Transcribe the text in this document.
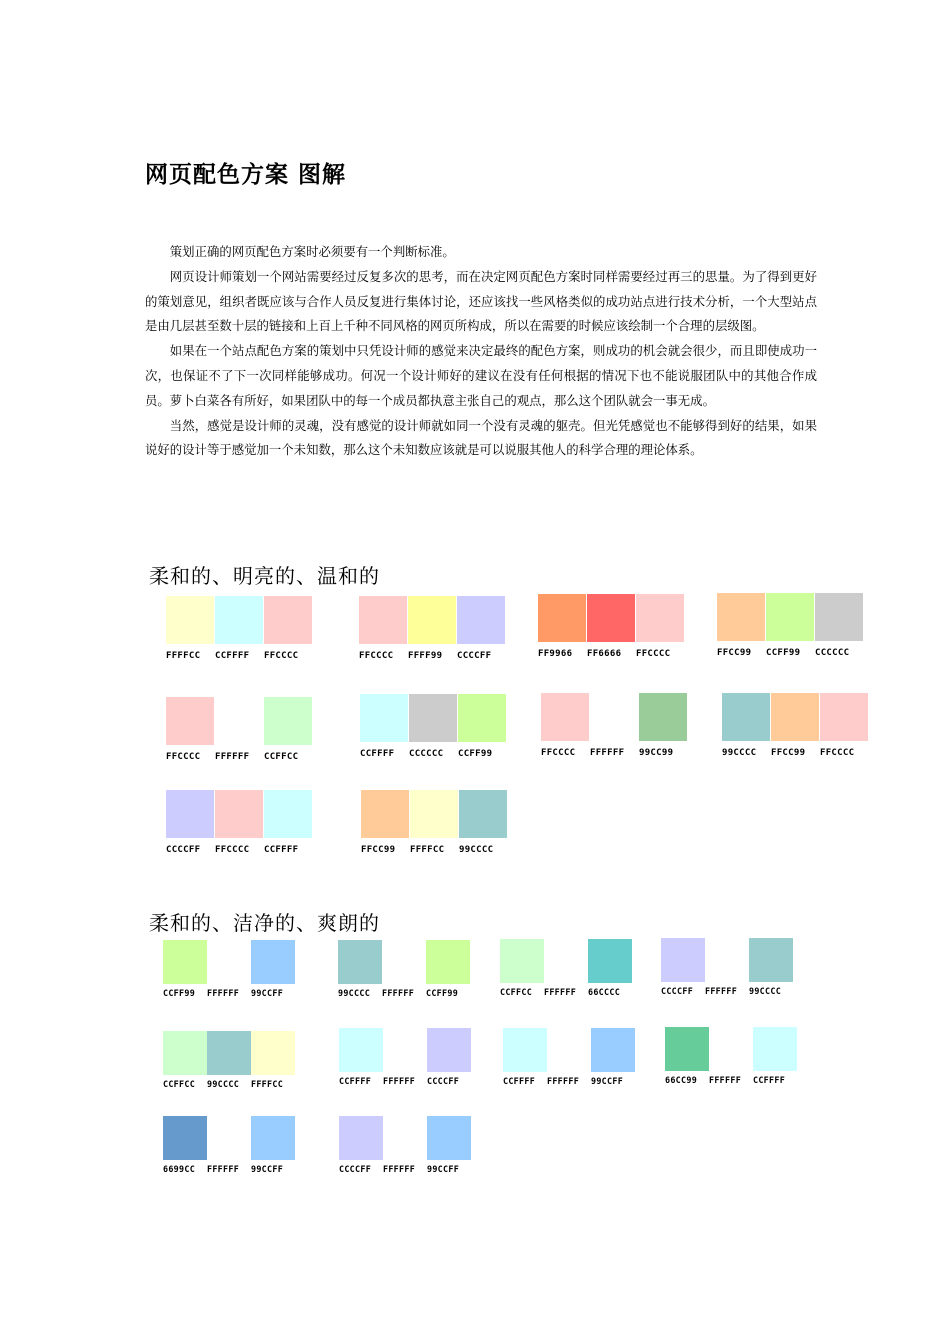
网页配色方案 图解

策划正确的网页配色方案时必须要有一个判断标准。

网页设计师策划一个网站需要经过反复多次的思考，而在决定网页配色方案时同样需要经过再三的思量。为了得到更好的策划意见，组织者既应该与合作人员反复进行集体讨论，还应该找一些风格类似的成功站点进行技术分析，一个大型站点是由几层甚至数十层的链接和上百上千种不同风格的网页所构成，所以在需要的时候应该绘制一个合理的层级图。

如果在一个站点配色方案的策划中只凭设计师的感觉来决定最终的配色方案，则成功的机会就会很少，而且即使成功一次，也保证不了下一次同样能够成功。何况一个设计师好的建议在没有任何根据的情况下也不能说服团队中的其他合作成员。萝卜白菜各有所好，如果团队中的每一个成员都执意主张自己的观点，那么这个团队就会一事无成。

当然，感觉是设计师的灵魂，没有感觉的设计师就如同一个没有灵魂的躯壳。但光凭感觉也不能够得到好的结果，如果说好的设计等于感觉加一个未知数，那么这个未知数应该就是可以说服其他人的科学合理的理论体系。

柔和的、明亮的、温和的
FFFFCC	CCFFFF	FFCCCC	FFCCCC	FFFF99	CCCCFF	FF9966	FF6666	FFCCCC	FFCC99	CCFF99	CCCCCC
FFCCCC	FFFFFF	CCFFCC	CCFFFF	CCCCCC	CCFF99	FFCCCC	FFFFFF	99CC99	99CCCC	FFCC99	FFCCCC
CCCCFF	FFCCCC	CCFFFF	FFCC99	FFFFCC	99CCCC
柔和的、洁净的、爽朗的
CCFF99	FFFFFF	99CCFF	99CCCC	FFFFFF	CCFF99	CCFFCC	FFFFFF	66CCCC	CCCCFF	FFFFFF	99CCCC
CCFFCC	99CCCC	FFFFCC	CCFFFF	FFFFFF	CCCCFF	CCFFFF	FFFFFF	99CCFF	66CC99	FFFFFF	CCFFFF
6699CC	FFFFFF	99CCFF	CCCCFF	FFFFFF	99CCFF
